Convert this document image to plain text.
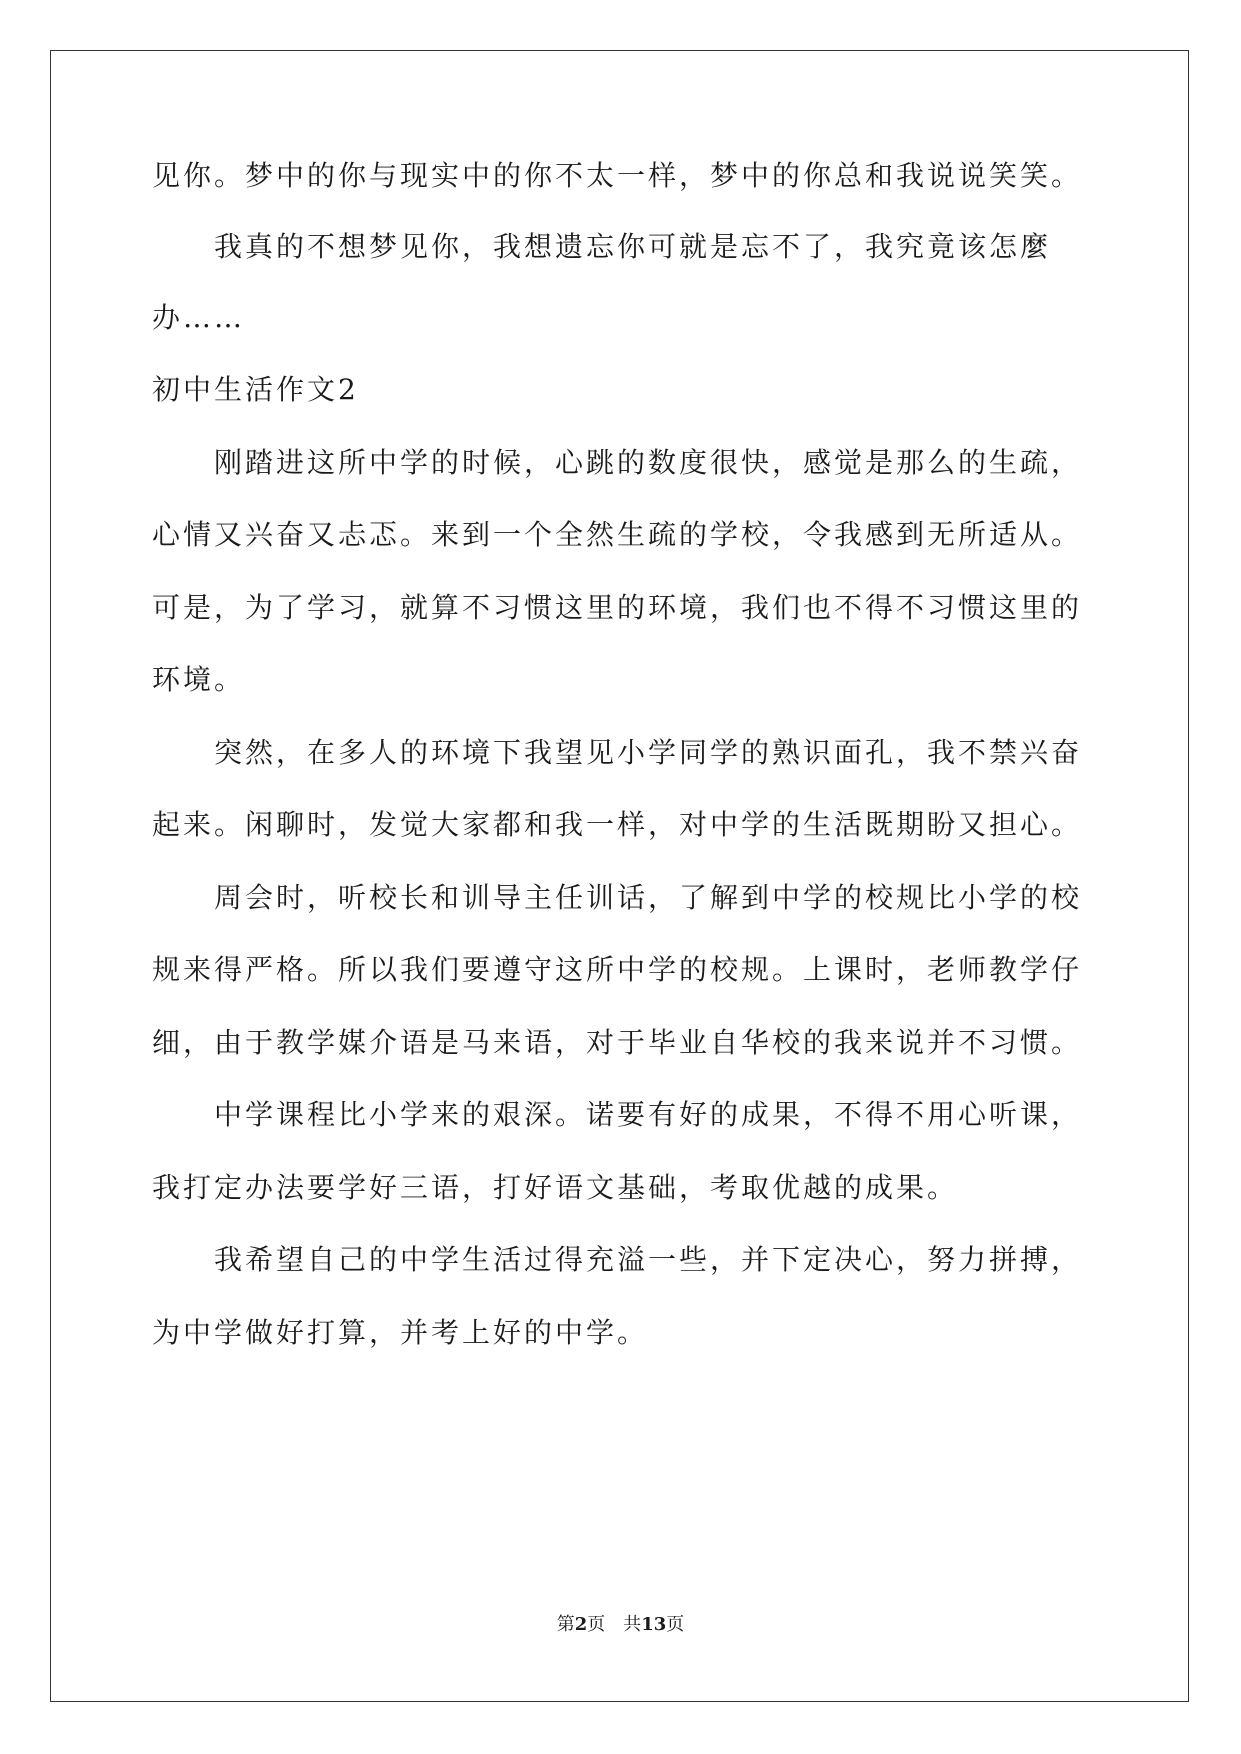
见你。梦中的你与现实中的你不太一样，梦中的你总和我说说笑笑。

　　我真的不想梦见你，我想遗忘你可就是忘不了，我究竟该怎麼

办……

初中生活作文2

　　刚踏进这所中学的时候，心跳的数度很快，感觉是那么的生疏，

心情又兴奋又忐忑。来到一个全然生疏的学校，令我感到无所适从。

可是，为了学习，就算不习惯这里的环境，我们也不得不习惯这里的

环境。

　　突然，在多人的环境下我望见小学同学的熟识面孔，我不禁兴奋

起来。闲聊时，发觉大家都和我一样，对中学的生活既期盼又担心。

　　周会时，听校长和训导主任训话，了解到中学的校规比小学的校

规来得严格。所以我们要遵守这所中学的校规。上课时，老师教学仔

细，由于教学媒介语是马来语，对于毕业自华校的我来说并不习惯。

　　中学课程比小学来的艰深。诺要有好的成果，不得不用心听课，

我打定办法要学好三语，打好语文基础，考取优越的成果。

　　我希望自己的中学生活过得充溢一些，并下定决心，努力拼搏，

为中学做好打算，并考上好的中学。

第2页 共13页
